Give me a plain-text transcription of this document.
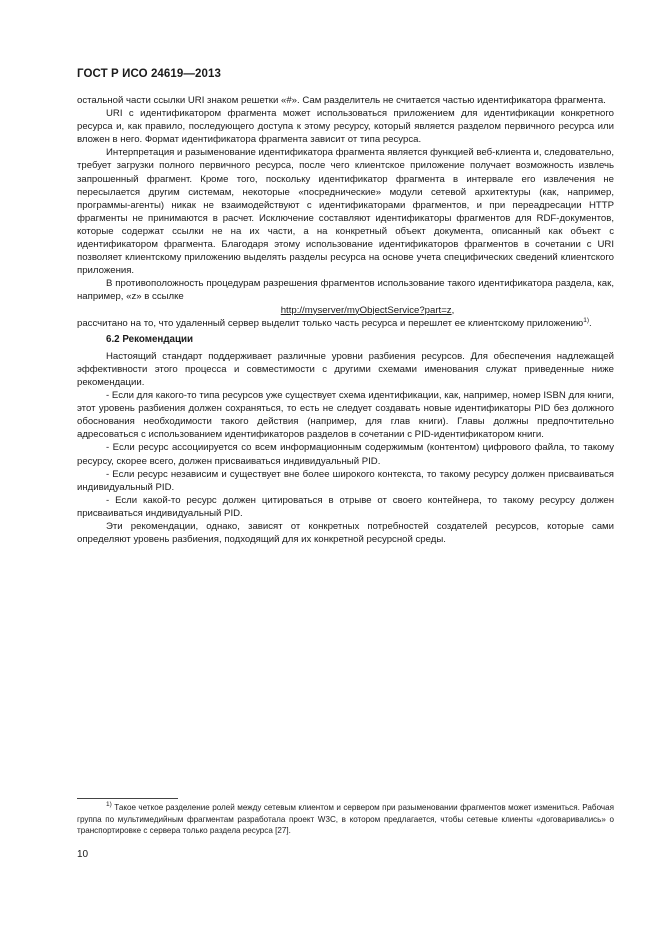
ГОСТ Р ИСО 24619—2013

остальной части ссылки URI знаком решетки «#». Сам разделитель не считается частью идентификатора фрагмента.

URI с идентификатором фрагмента может использоваться приложением для идентификации конкретного ресурса и, как правило, последующего доступа к этому ресурсу, который является разделом первичного ресурса или вложен в него. Формат идентификатора фрагмента зависит от типа ресурса.

Интерпретация и разыменование идентификатора фрагмента является функцией веб-клиента и, следовательно, требует загрузки полного первичного ресурса, после чего клиентское приложение получает возможность извлечь запрошенный фрагмент. Кроме того, поскольку идентификатор фрагмента в интервале его извлечения не пересылается другим системам, некоторые «посреднические» модули сетевой архитектуры (как, например, программы-агенты) никак не взаимодействуют с идентификаторами фрагментов, и при переадресации HTTP фрагменты не принимаются в расчет. Исключение составляют идентификаторы фрагментов для RDF-документов, которые содержат ссылки не на их части, а на конкретный объект документа, описанный как объект с идентификатором фрагмента. Благодаря этому использование идентификаторов фрагментов в сочетании с URI позволяет клиентскому приложению выделять разделы ресурса на основе учета специфических сведений клиентского приложения.

В противоположность процедурам разрешения фрагментов использование такого идентификатора раздела, как, например, «z» в ссылке

http://myserver/myObjectService?part=z,

рассчитано на то, что удаленный сервер выделит только часть ресурса и перешлет ее клиентскому приложению$^{1)}$.

6.2 Рекомендации

Настоящий стандарт поддерживает различные уровни разбиения ресурсов. Для обеспечения надлежащей эффективности этого процесса и совместимости с другими схемами именования служат приведенные ниже рекомендации.

- Если для какого-то типа ресурсов уже существует схема идентификации, как, например, номер ISBN для книги, этот уровень разбиения должен сохраняться, то есть не следует создавать новые идентификаторы PID без должного обоснования необходимости такого действия (например, для глав книги). Главы должны предпочтительно адресоваться с использованием идентификаторов разделов в сочетании с PID-идентификатором книги.

- Если ресурс ассоциируется со всем информационным содержимым (контентом) цифрового файла, то такому ресурсу, скорее всего, должен присваиваться индивидуальный PID.

- Если ресурс независим и существует вне более широкого контекста, то такому ресурсу должен присваиваться индивидуальный PID.

- Если какой-то ресурс должен цитироваться в отрыве от своего контейнера, то такому ресурсу должен присваиваться индивидуальный PID.

Эти рекомендации, однако, зависят от конкретных потребностей создателей ресурсов, которые сами определяют уровень разбиения, подходящий для их конкретной ресурсной среды.

$^{1)}$ Такое четкое разделение ролей между сетевым клиентом и сервером при разыменовании фрагментов может измениться. Рабочая группа по мультимедийным фрагментам разработала проект W3C, в котором предлагается, чтобы сетевые клиенты «договаривались» о транспортировке с сервера только раздела ресурса [27].
10
